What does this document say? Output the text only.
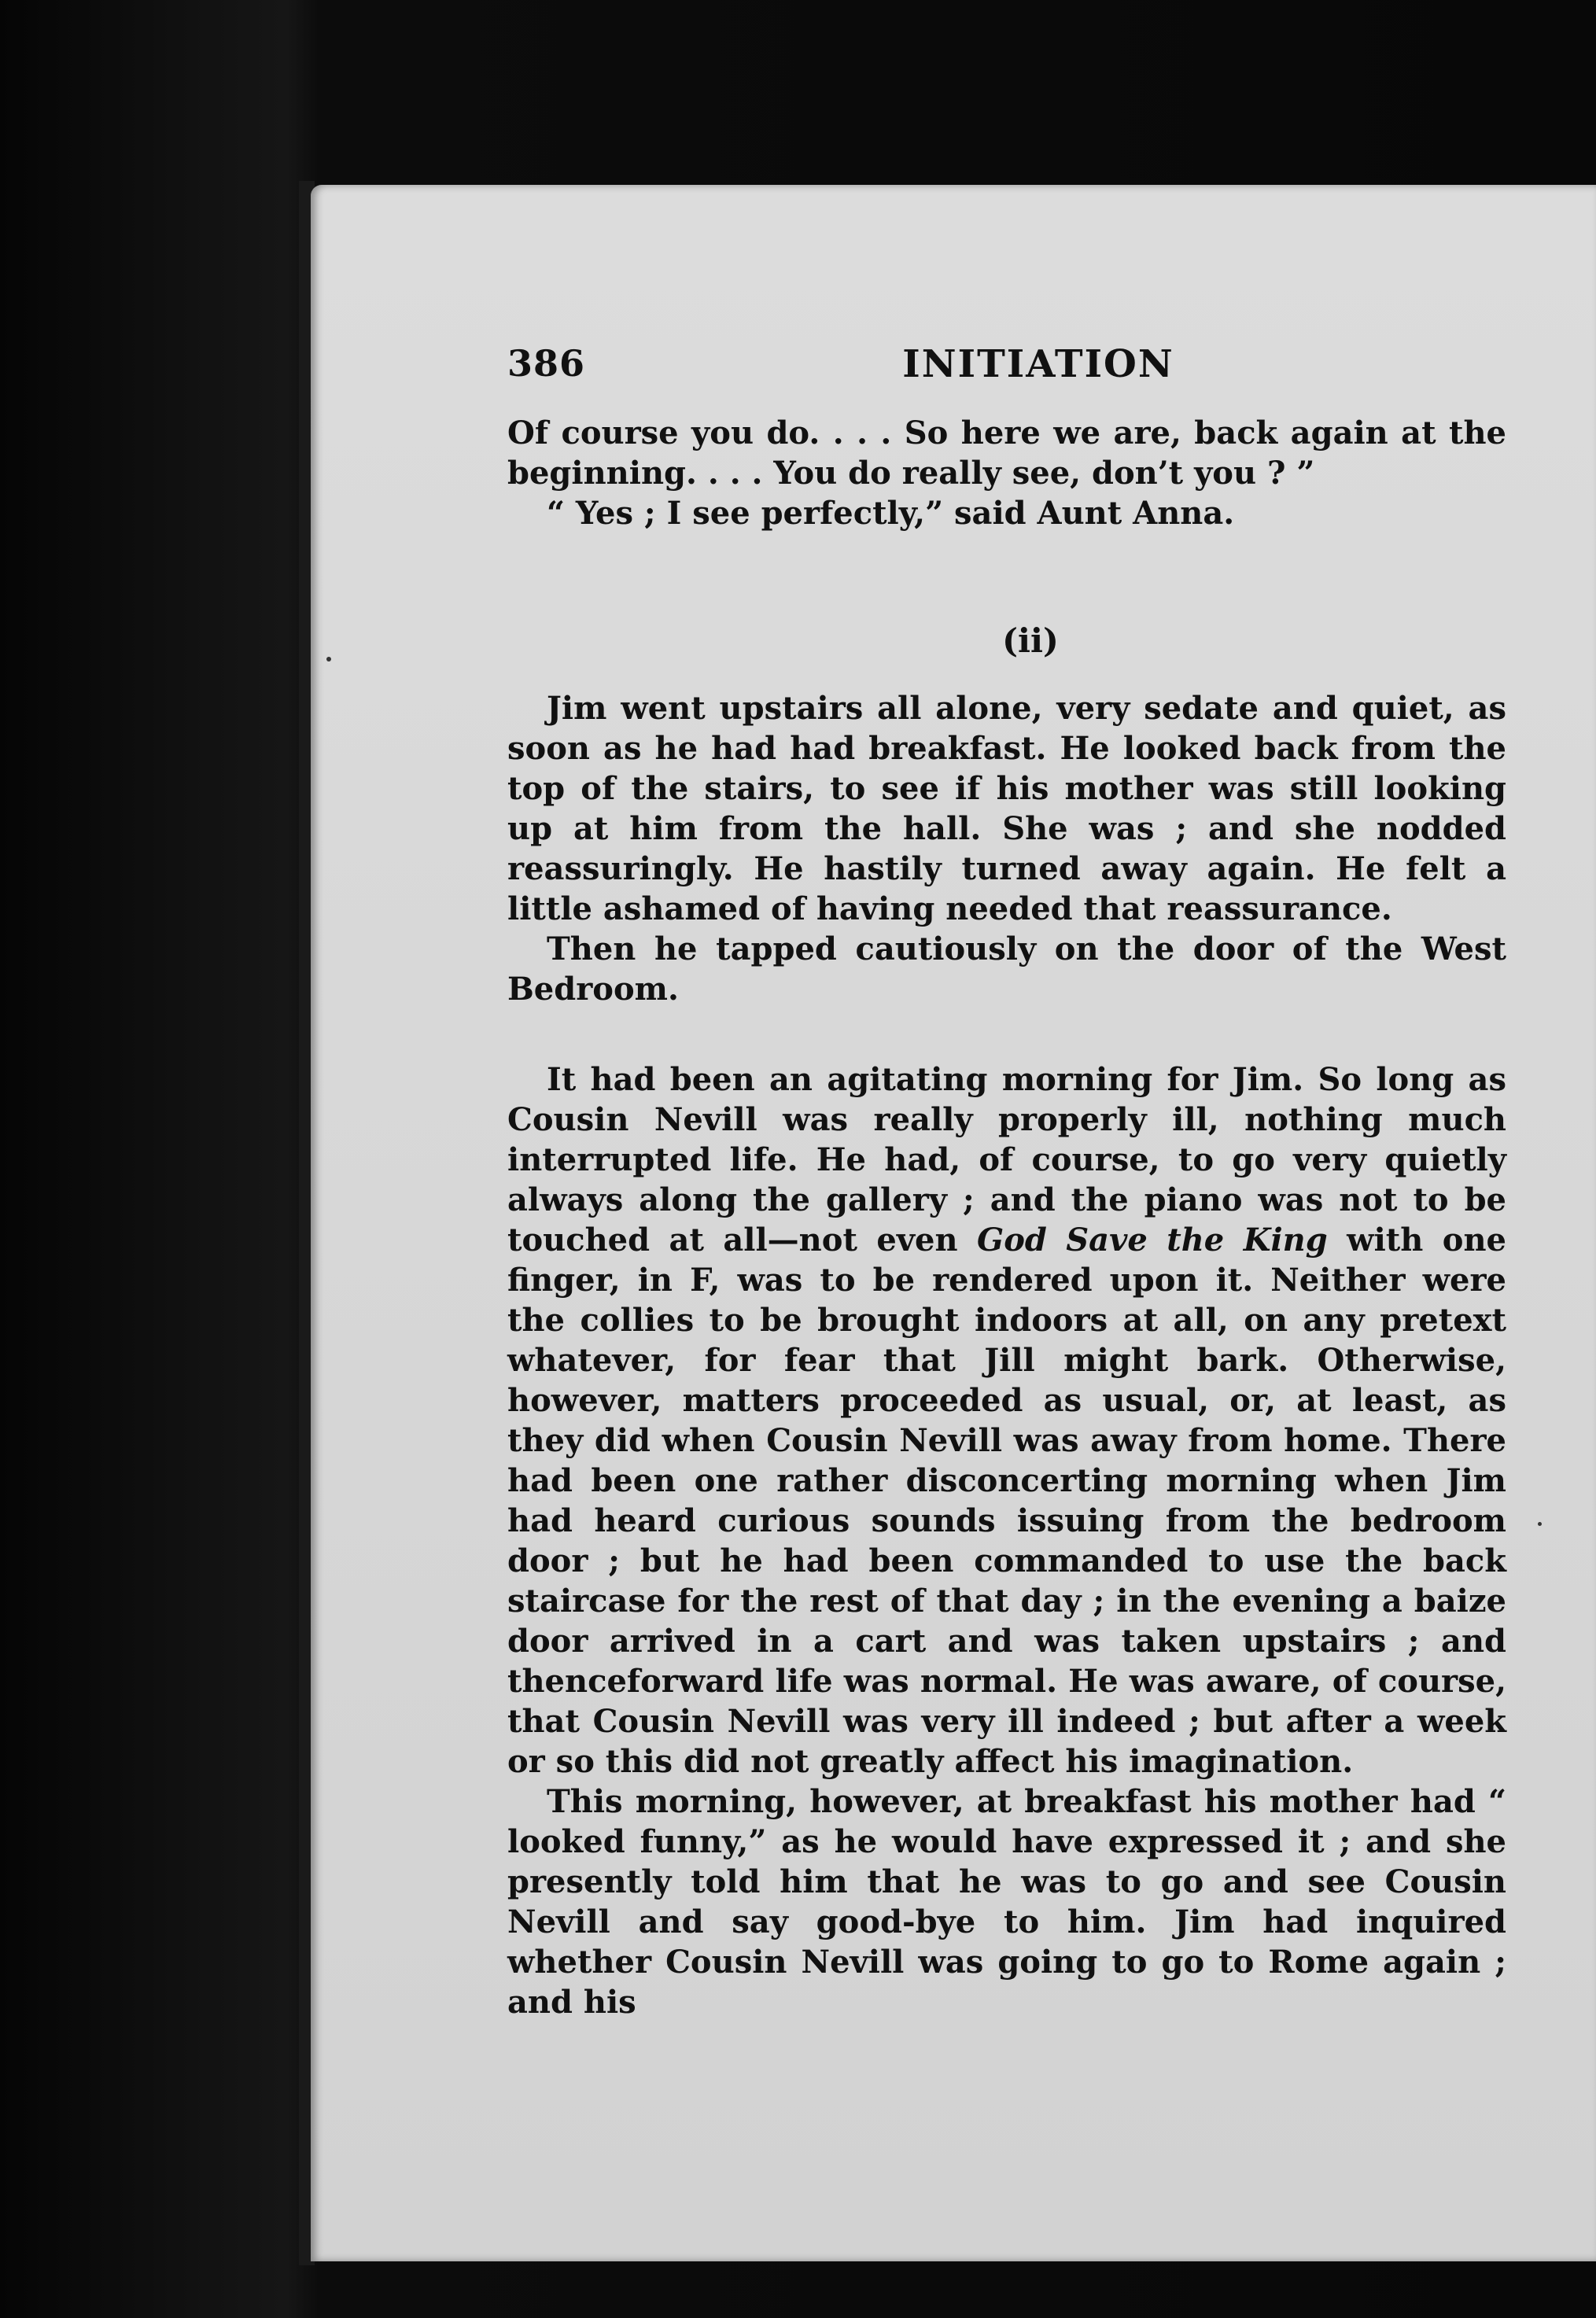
386	INITIATION

Of course you do. . . . So here we are, back again at the beginning. . . . You do really see, don’t you ? ”

“ Yes ; I see perfectly,” said Aunt Anna.

(ii)

Jim went upstairs all alone, very sedate and quiet, as soon as he had had breakfast. He looked back from the top of the stairs, to see if his mother was still looking up at him from the hall. She was ; and she nodded reassuringly. He hastily turned away again. He felt a little ashamed of having needed that reassurance.

Then he tapped cautiously on the door of the West Bedroom.

It had been an agitating morning for Jim. So long as Cousin Nevill was really properly ill, nothing much interrupted life. He had, of course, to go very quietly always along the gallery ; and the piano was not to be touched at all—not even God Save the King with one finger, in F, was to be rendered upon it. Neither were the collies to be brought indoors at all, on any pretext whatever, for fear that Jill might bark. Otherwise, however, matters proceeded as usual, or, at least, as they did when Cousin Nevill was away from home. There had been one rather disconcerting morning when Jim had heard curious sounds issuing from the bedroom door ; but he had been commanded to use the back staircase for the rest of that day ; in the evening a baize door arrived in a cart and was taken upstairs ; and thenceforward life was normal. He was aware, of course, that Cousin Nevill was very ill indeed ; but after a week or so this did not greatly affect his imagination.

This morning, however, at breakfast his mother had “ looked funny,” as he would have expressed it ; and she presently told him that he was to go and see Cousin Nevill and say good-bye to him. Jim had inquired whether Cousin Nevill was going to go to Rome again ; and his
